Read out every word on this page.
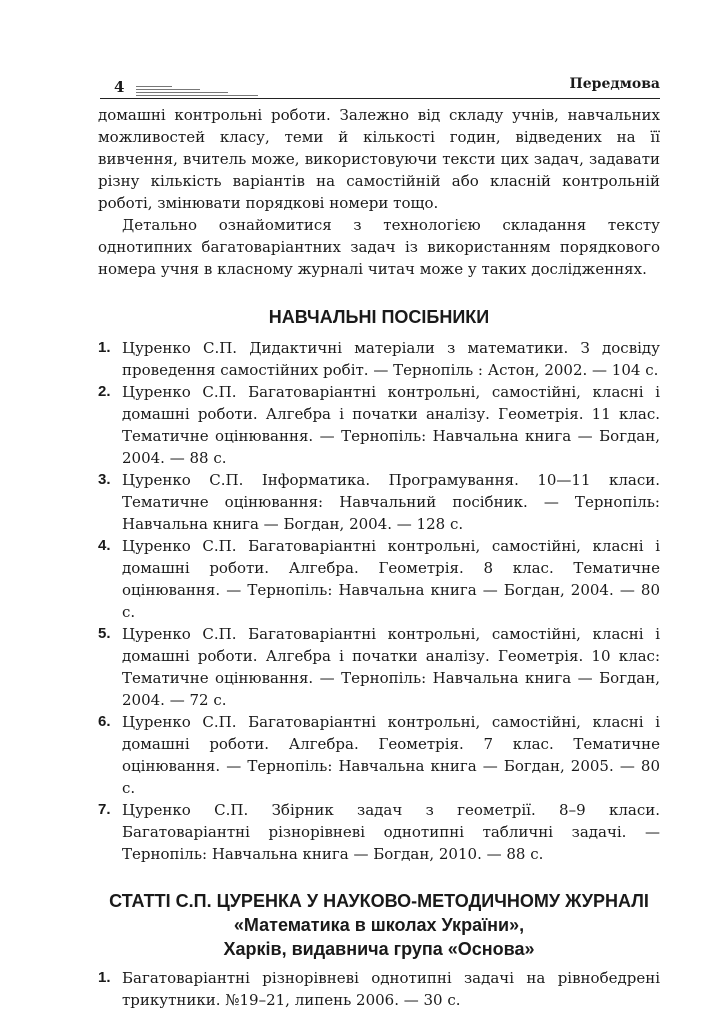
4	Передмова

домашні контрольні роботи. Залежно від складу учнів, навчальних можливостей класу, теми й кількості годин, відведених на її вивчення, вчитель може, використовуючи тексти цих задач, задавати різну кількість варіантів на самостійній або класній контрольній роботі, змінювати порядкові номери тощо.

Детально ознайомитися з технологією складання тексту однотипних багатоваріантних задач із використанням порядкового номера учня в класному журналі читач може у таких дослідженнях.

НАВЧАЛЬНІ ПОСІБНИКИ
1. Цуренко С.П. Дидактичні матеріали з математики. З досвіду проведення самостійних робіт. — Тернопіль : Астон, 2002. — 104 с.
2. Цуренко С.П. Багатоваріантні контрольні, самостійні, класні і домашні роботи. Алгебра і початки аналізу. Геометрія. 11 клас. Тематичне оцінювання. — Тернопіль: Навчальна книга — Богдан, 2004. — 88 с.
3. Цуренко С.П. Інформатика. Програмування. 10—11 класи. Тематичне оцінювання: Навчальний посібник. — Тернопіль: Навчальна книга — Богдан, 2004. — 128 с.
4. Цуренко С.П. Багатоваріантні контрольні, самостійні, класні і домашні роботи. Алгебра. Геометрія. 8 клас. Тематичне оцінювання. — Тернопіль: Навчальна книга — Богдан, 2004. — 80 с.
5. Цуренко С.П. Багатоваріантні контрольні, самостійні, класні і домашні роботи. Алгебра і початки аналізу. Геометрія. 10 клас: Тематичне оцінювання. — Тернопіль: Навчальна книга — Богдан, 2004. — 72 с.
6. Цуренко С.П. Багатоваріантні контрольні, самостійні, класні і домашні роботи. Алгебра. Геометрія. 7 клас. Тематичне оцінювання. — Тернопіль: Навчальна книга — Богдан, 2005. — 80 с.
7. Цуренко С.П. Збірник задач з геометрії. 8–9 класи. Багатоваріантні різнорівневі однотипні табличні задачі. — Тернопіль: Навчальна книга — Богдан, 2010. — 88 с.
СТАТТІ С.П. ЦУРЕНКА У НАУКОВО-МЕТОДИЧНОМУ ЖУРНАЛІ
«Математика в школах України»,
Харків, видавнича група «Основа»
1. Багатоваріантні різнорівневі однотипні задачі на рівнобедрені трикутники. №19–21, липень 2006. — 30 с.
